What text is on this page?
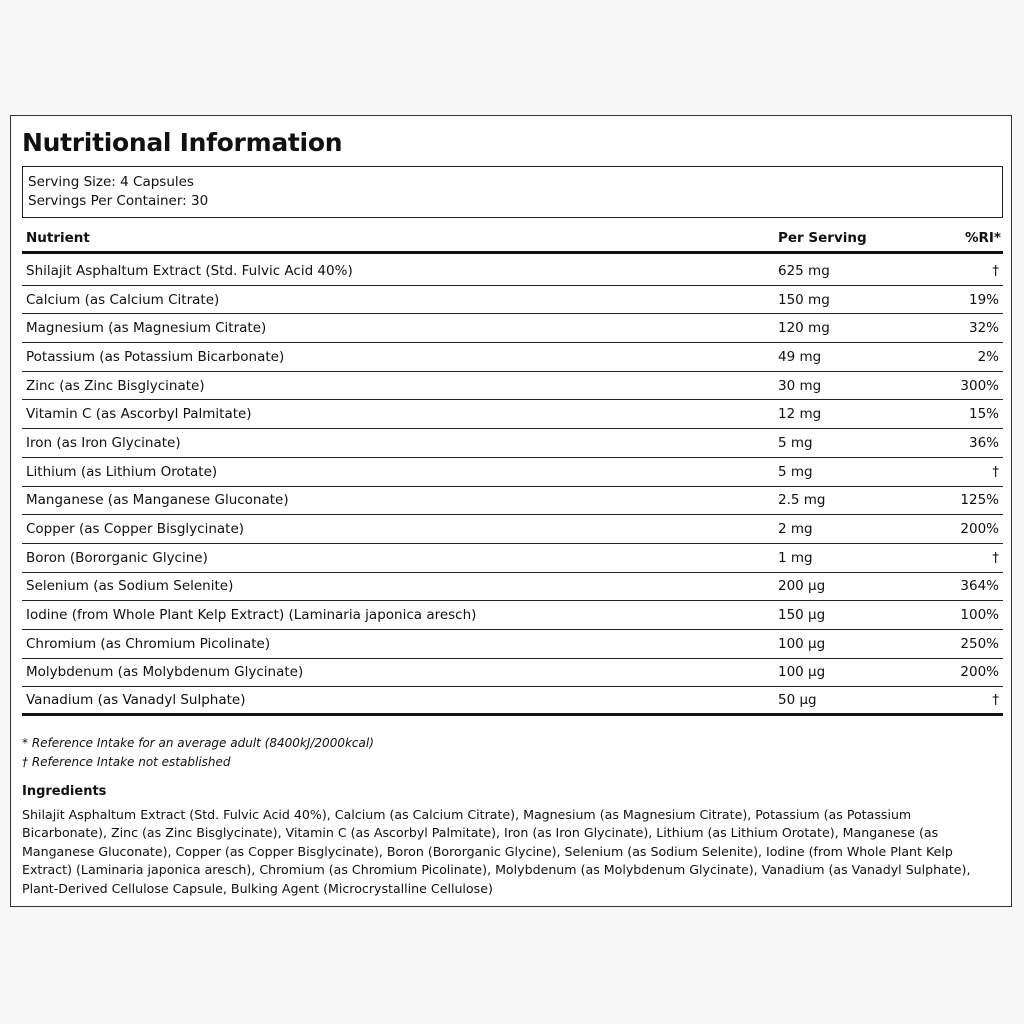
Nutritional Information
Serving Size: 4 Capsules
Servings Per Container: 30
Nutrient	Per Serving	%RI*
Shilajit Asphaltum Extract (Std. Fulvic Acid 40%)	625 mg	†
Calcium (as Calcium Citrate)	150 mg	19%
Magnesium (as Magnesium Citrate)	120 mg	32%
Potassium (as Potassium Bicarbonate)	49 mg	2%
Zinc (as Zinc Bisglycinate)	30 mg	300%
Vitamin C (as Ascorbyl Palmitate)	12 mg	15%
Iron (as Iron Glycinate)	5 mg	36%
Lithium (as Lithium Orotate)	5 mg	†
Manganese (as Manganese Gluconate)	2.5 mg	125%
Copper (as Copper Bisglycinate)	2 mg	200%
Boron (Bororganic Glycine)	1 mg	†
Selenium (as Sodium Selenite)	200 µg	364%
Iodine (from Whole Plant Kelp Extract) (Laminaria japonica aresch)	150 µg	100%
Chromium (as Chromium Picolinate)	100 µg	250%
Molybdenum (as Molybdenum Glycinate)	100 µg	200%
Vanadium (as Vanadyl Sulphate)	50 µg	†
* Reference Intake for an average adult (8400kJ/2000kcal)
† Reference Intake not established
Ingredients
Shilajit Asphaltum Extract (Std. Fulvic Acid 40%), Calcium (as Calcium Citrate), Magnesium (as Magnesium Citrate), Potassium (as Potassium Bicarbonate), Zinc (as Zinc Bisglycinate), Vitamin C (as Ascorbyl Palmitate), Iron (as Iron Glycinate), Lithium (as Lithium Orotate), Manganese (as Manganese Gluconate), Copper (as Copper Bisglycinate), Boron (Bororganic Glycine), Selenium (as Sodium Selenite), Iodine (from Whole Plant Kelp Extract) (Laminaria japonica aresch), Chromium (as Chromium Picolinate), Molybdenum (as Molybdenum Glycinate), Vanadium (as Vanadyl Sulphate), Plant-Derived Cellulose Capsule, Bulking Agent (Microcrystalline Cellulose)
